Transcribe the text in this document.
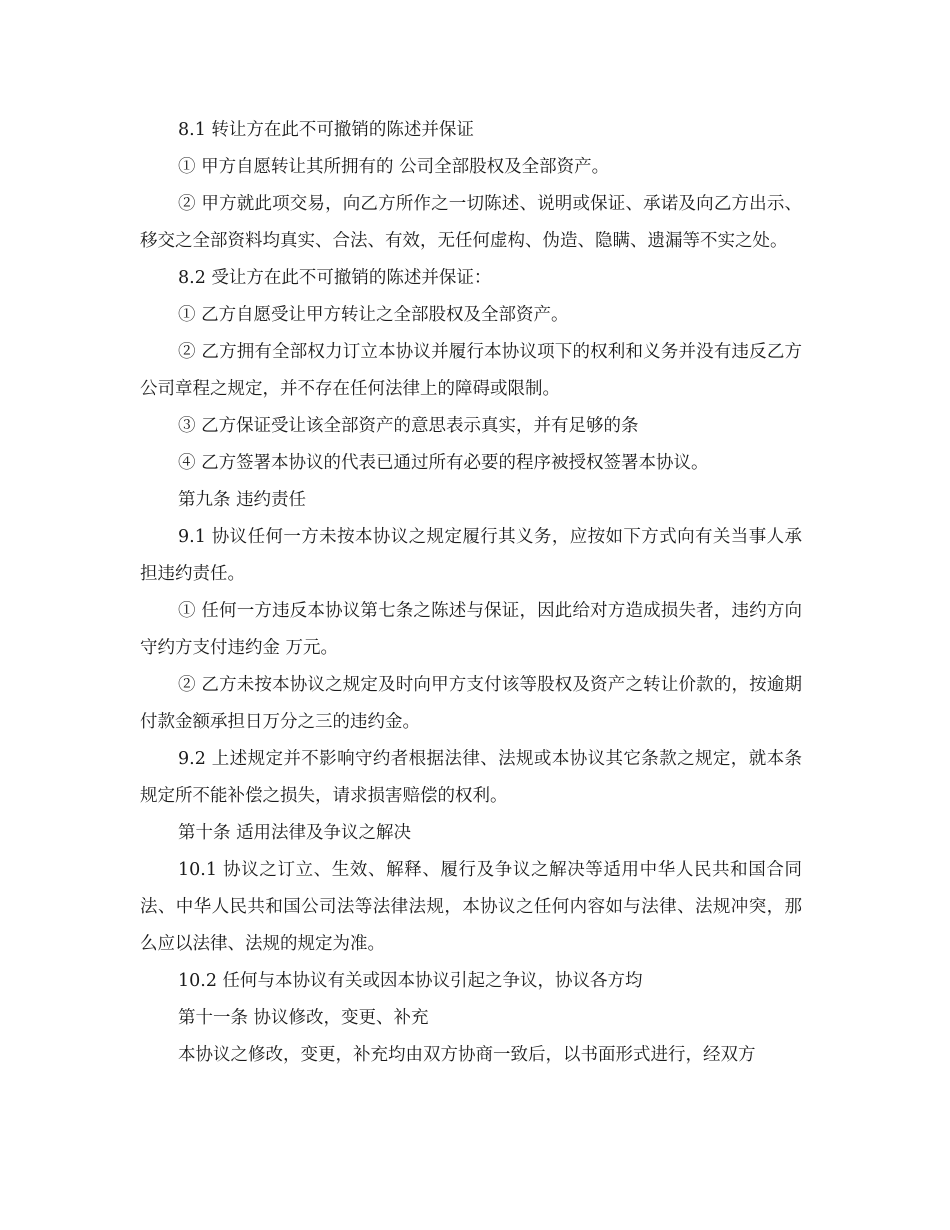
8.1 转让方在此不可撤销的陈述并保证

① 甲方自愿转让其所拥有的 公司全部股权及全部资产。

② 甲方就此项交易，向乙方所作之一切陈述、说明或保证、承诺及向乙方出示、移交之全部资料均真实、合法、有效，无任何虚构、伪造、隐瞒、遗漏等不实之处。

8.2 受让方在此不可撤销的陈述并保证：

① 乙方自愿受让甲方转让之全部股权及全部资产。

② 乙方拥有全部权力订立本协议并履行本协议项下的权利和义务并没有违反乙方公司章程之规定，并不存在任何法律上的障碍或限制。

③ 乙方保证受让该全部资产的意思表示真实，并有足够的条

④ 乙方签署本协议的代表已通过所有必要的程序被授权签署本协议。

第九条 违约责任

9.1 协议任何一方未按本协议之规定履行其义务，应按如下方式向有关当事人承担违约责任。

① 任何一方违反本协议第七条之陈述与保证，因此给对方造成损失者，违约方向守约方支付违约金 万元。

② 乙方未按本协议之规定及时向甲方支付该等股权及资产之转让价款的，按逾期付款金额承担日万分之三的违约金。

9.2 上述规定并不影响守约者根据法律、法规或本协议其它条款之规定，就本条规定所不能补偿之损失，请求损害赔偿的权利。

第十条 适用法律及争议之解决

10.1 协议之订立、生效、解释、履行及争议之解决等适用中华人民共和国合同法、中华人民共和国公司法等法律法规，本协议之任何内容如与法律、法规冲突，那么应以法律、法规的规定为准。

10.2 任何与本协议有关或因本协议引起之争议，协议各方均

第十一条 协议修改，变更、补充

本协议之修改，变更，补充均由双方协商一致后，以书面形式进行，经双方
